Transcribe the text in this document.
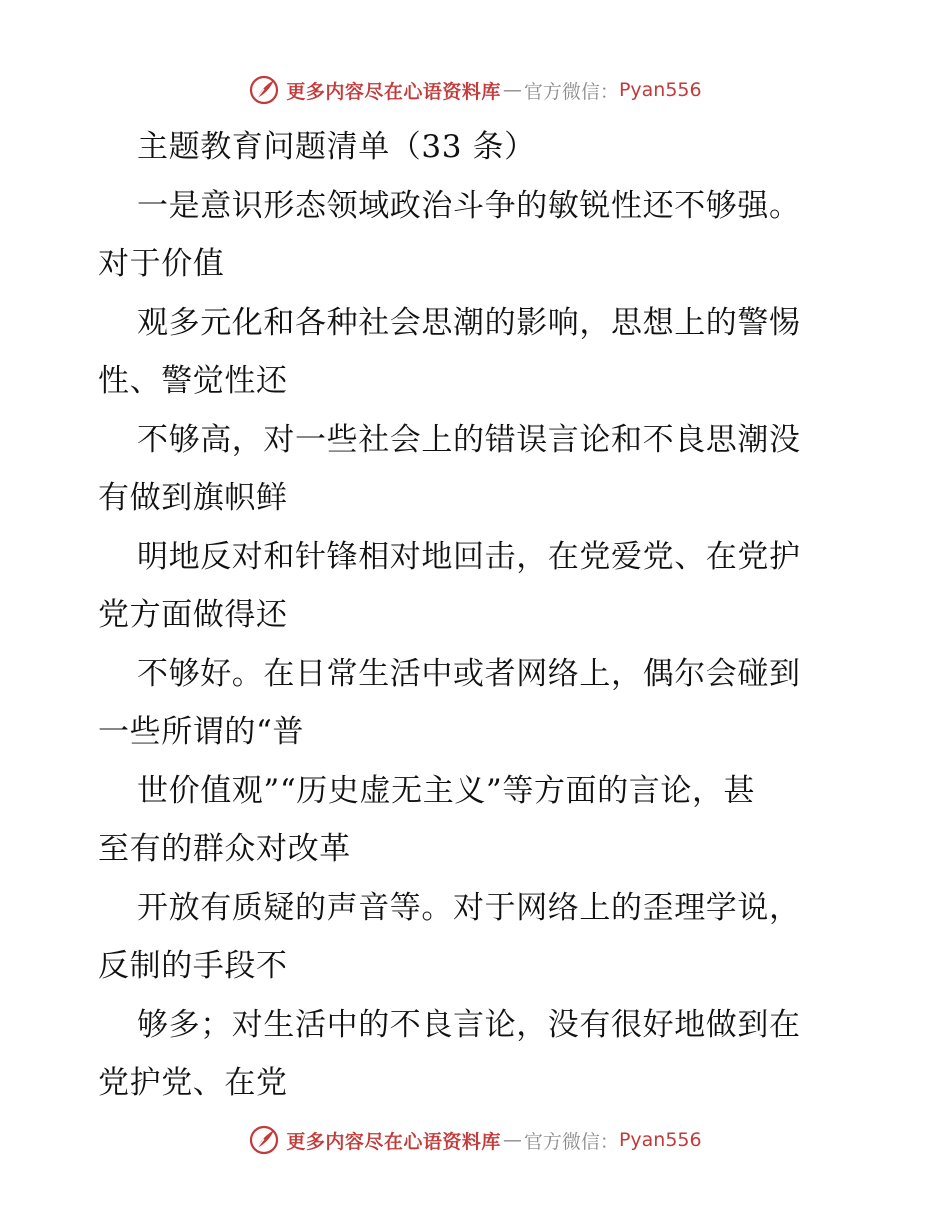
更多内容尽在心语资料库 — 官方微信： Pyan556
主题教育问题清单（33 条）
一是意识形态领域政治斗争的敏锐性还不够强。
对于价值
观多元化和各种社会思潮的影响，思想上的警惕
性、警觉性还
不够高，对一些社会上的错误言论和不良思潮没
有做到旗帜鲜
明地反对和针锋相对地回击，在党爱党、在党护
党方面做得还
不够好。在日常生活中或者网络上，偶尔会碰到
一些所谓的“普
世价值观”“历史虚无主义”等方面的言论，甚
至有的群众对改革
开放有质疑的声音等。对于网络上的歪理学说，
反制的手段不
够多；对生活中的不良言论，没有很好地做到在
党护党、在党
更多内容尽在心语资料库 — 官方微信： Pyan556
